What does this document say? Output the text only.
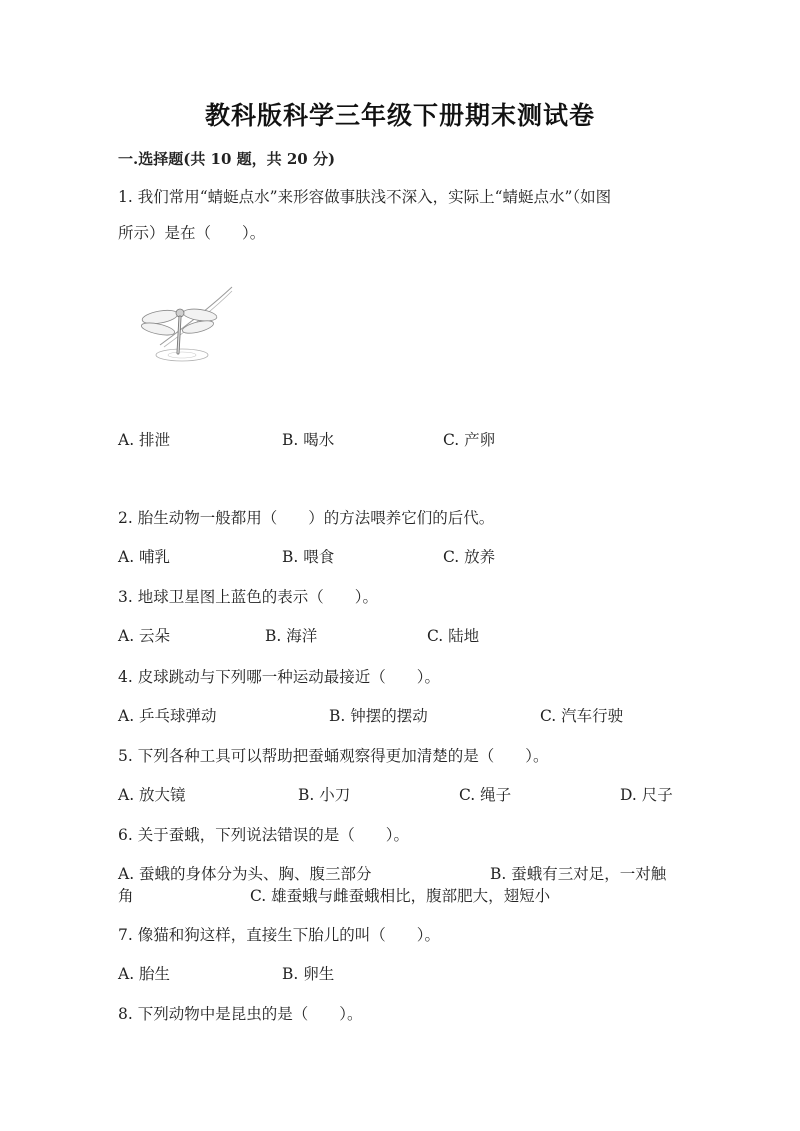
教科版科学三年级下册期末测试卷
一.选择题(共 10 题，共 20 分)
1. 我们常用“蜻蜓点水”来形容做事肤浅不深入，实际上“蜻蜓点水”（如图
所示）是在（　　）。
A. 排泄	B. 喝水	C. 产卵
2. 胎生动物一般都用（　　）的方法喂养它们的后代。
A. 哺乳	B. 喂食	C. 放养
3. 地球卫星图上蓝色的表示（　　）。
A. 云朵	B. 海洋	C. 陆地
4. 皮球跳动与下列哪一种运动最接近（　　）。
A. 乒乓球弹动	B. 钟摆的摆动	C. 汽车行驶
5. 下列各种工具可以帮助把蚕蛹观察得更加清楚的是（　　）。
A. 放大镜	B. 小刀	C. 绳子	D. 尺子
6. 关于蚕蛾，下列说法错误的是（　　）。
A. 蚕蛾的身体分为头、胸、腹三部分	B. 蚕蛾有三对足，一对触
角	C. 雄蚕蛾与雌蚕蛾相比，腹部肥大，翅短小
7. 像猫和狗这样，直接生下胎儿的叫（　　）。
A. 胎生	B. 卵生
8. 下列动物中是昆虫的是（　　）。
